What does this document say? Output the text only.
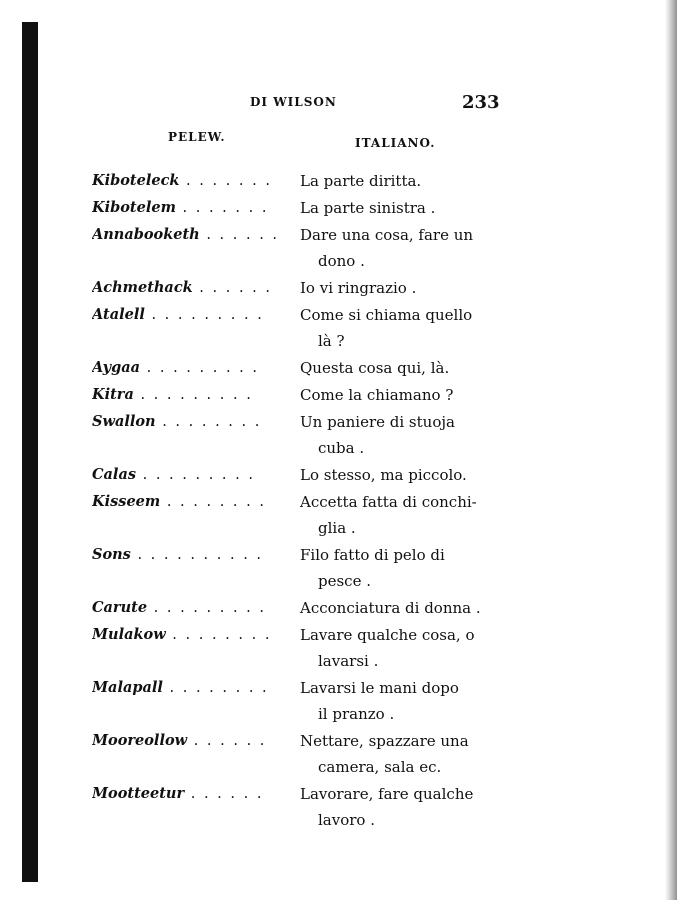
DI WILSON	233
PELEW.	ITALIANO.
Kiboteleck . . . . . . .	La parte diritta.
Kibotelem . . . . . . .	La parte sinistra .
Annabooketh . . . . . .	Dare una cosa, fare un
dono .
Achmethack . . . . . .	Io vi ringrazio .
Atalell . . . . . . . . .	Come si chiama quello
là ?
Aygaa . . . . . . . . .	Questa cosa qui, là.
Kitra . . . . . . . . .	Come la chiamano ?
Swallon . . . . . . . .	Un paniere di stuoja
cuba .
Calas . . . . . . . . .	Lo stesso, ma piccolo.
Kisseem . . . . . . . .	Accetta fatta di conchi-
glia .
Sons . . . . . . . . . .	Filo fatto di pelo di
pesce .
Carute . . . . . . . . .	Acconciatura di donna .
Mulakow . . . . . . . .	Lavare qualche cosa, o
lavarsi .
Malapall . . . . . . . .	Lavarsi le mani dopo
il pranzo .
Mooreollow . . . . . .	Nettare, spazzare una
camera, sala ec.
Mootteetur . . . . . .	Lavorare, fare qualche
lavoro .
